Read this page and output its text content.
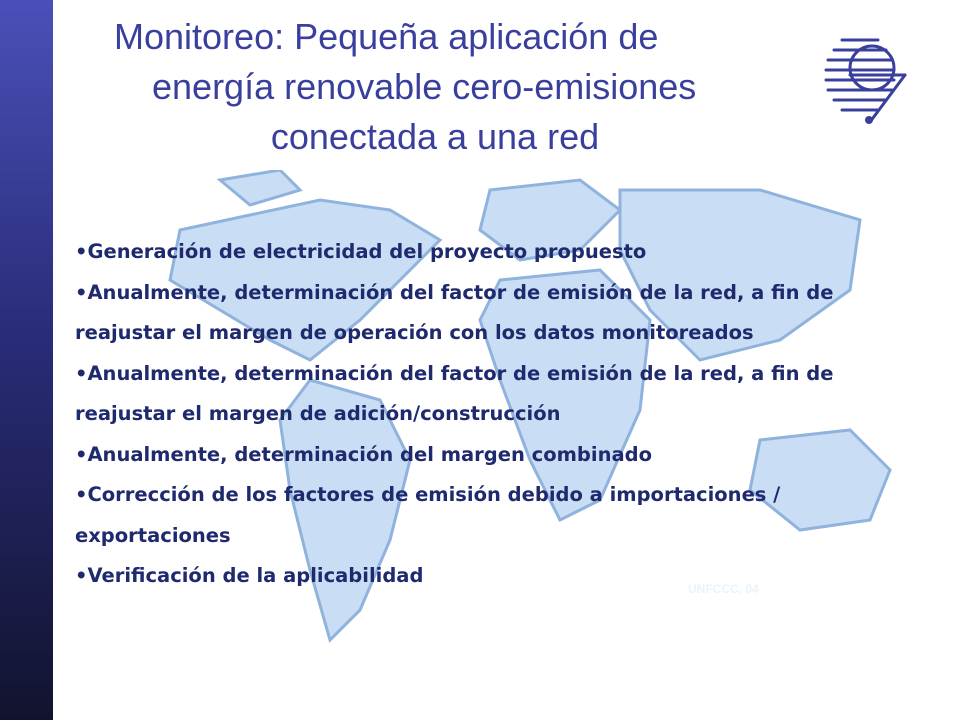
Monitoreo: Pequeña aplicación de
energía renovable cero-emisiones
conectada a una red
UNFCCC, 04
• Generación de electricidad del proyecto propuesto
• Anualmente, determinación del factor de emisión de la red, a fin de reajustar el margen de operación con los datos monitoreados
• Anualmente, determinación del factor de emisión de la red, a fin de reajustar el margen de adición/construcción
• Anualmente, determinación del margen combinado
• Corrección de los factores de emisión debido a importaciones / exportaciones
• Verificación de la aplicabilidad
